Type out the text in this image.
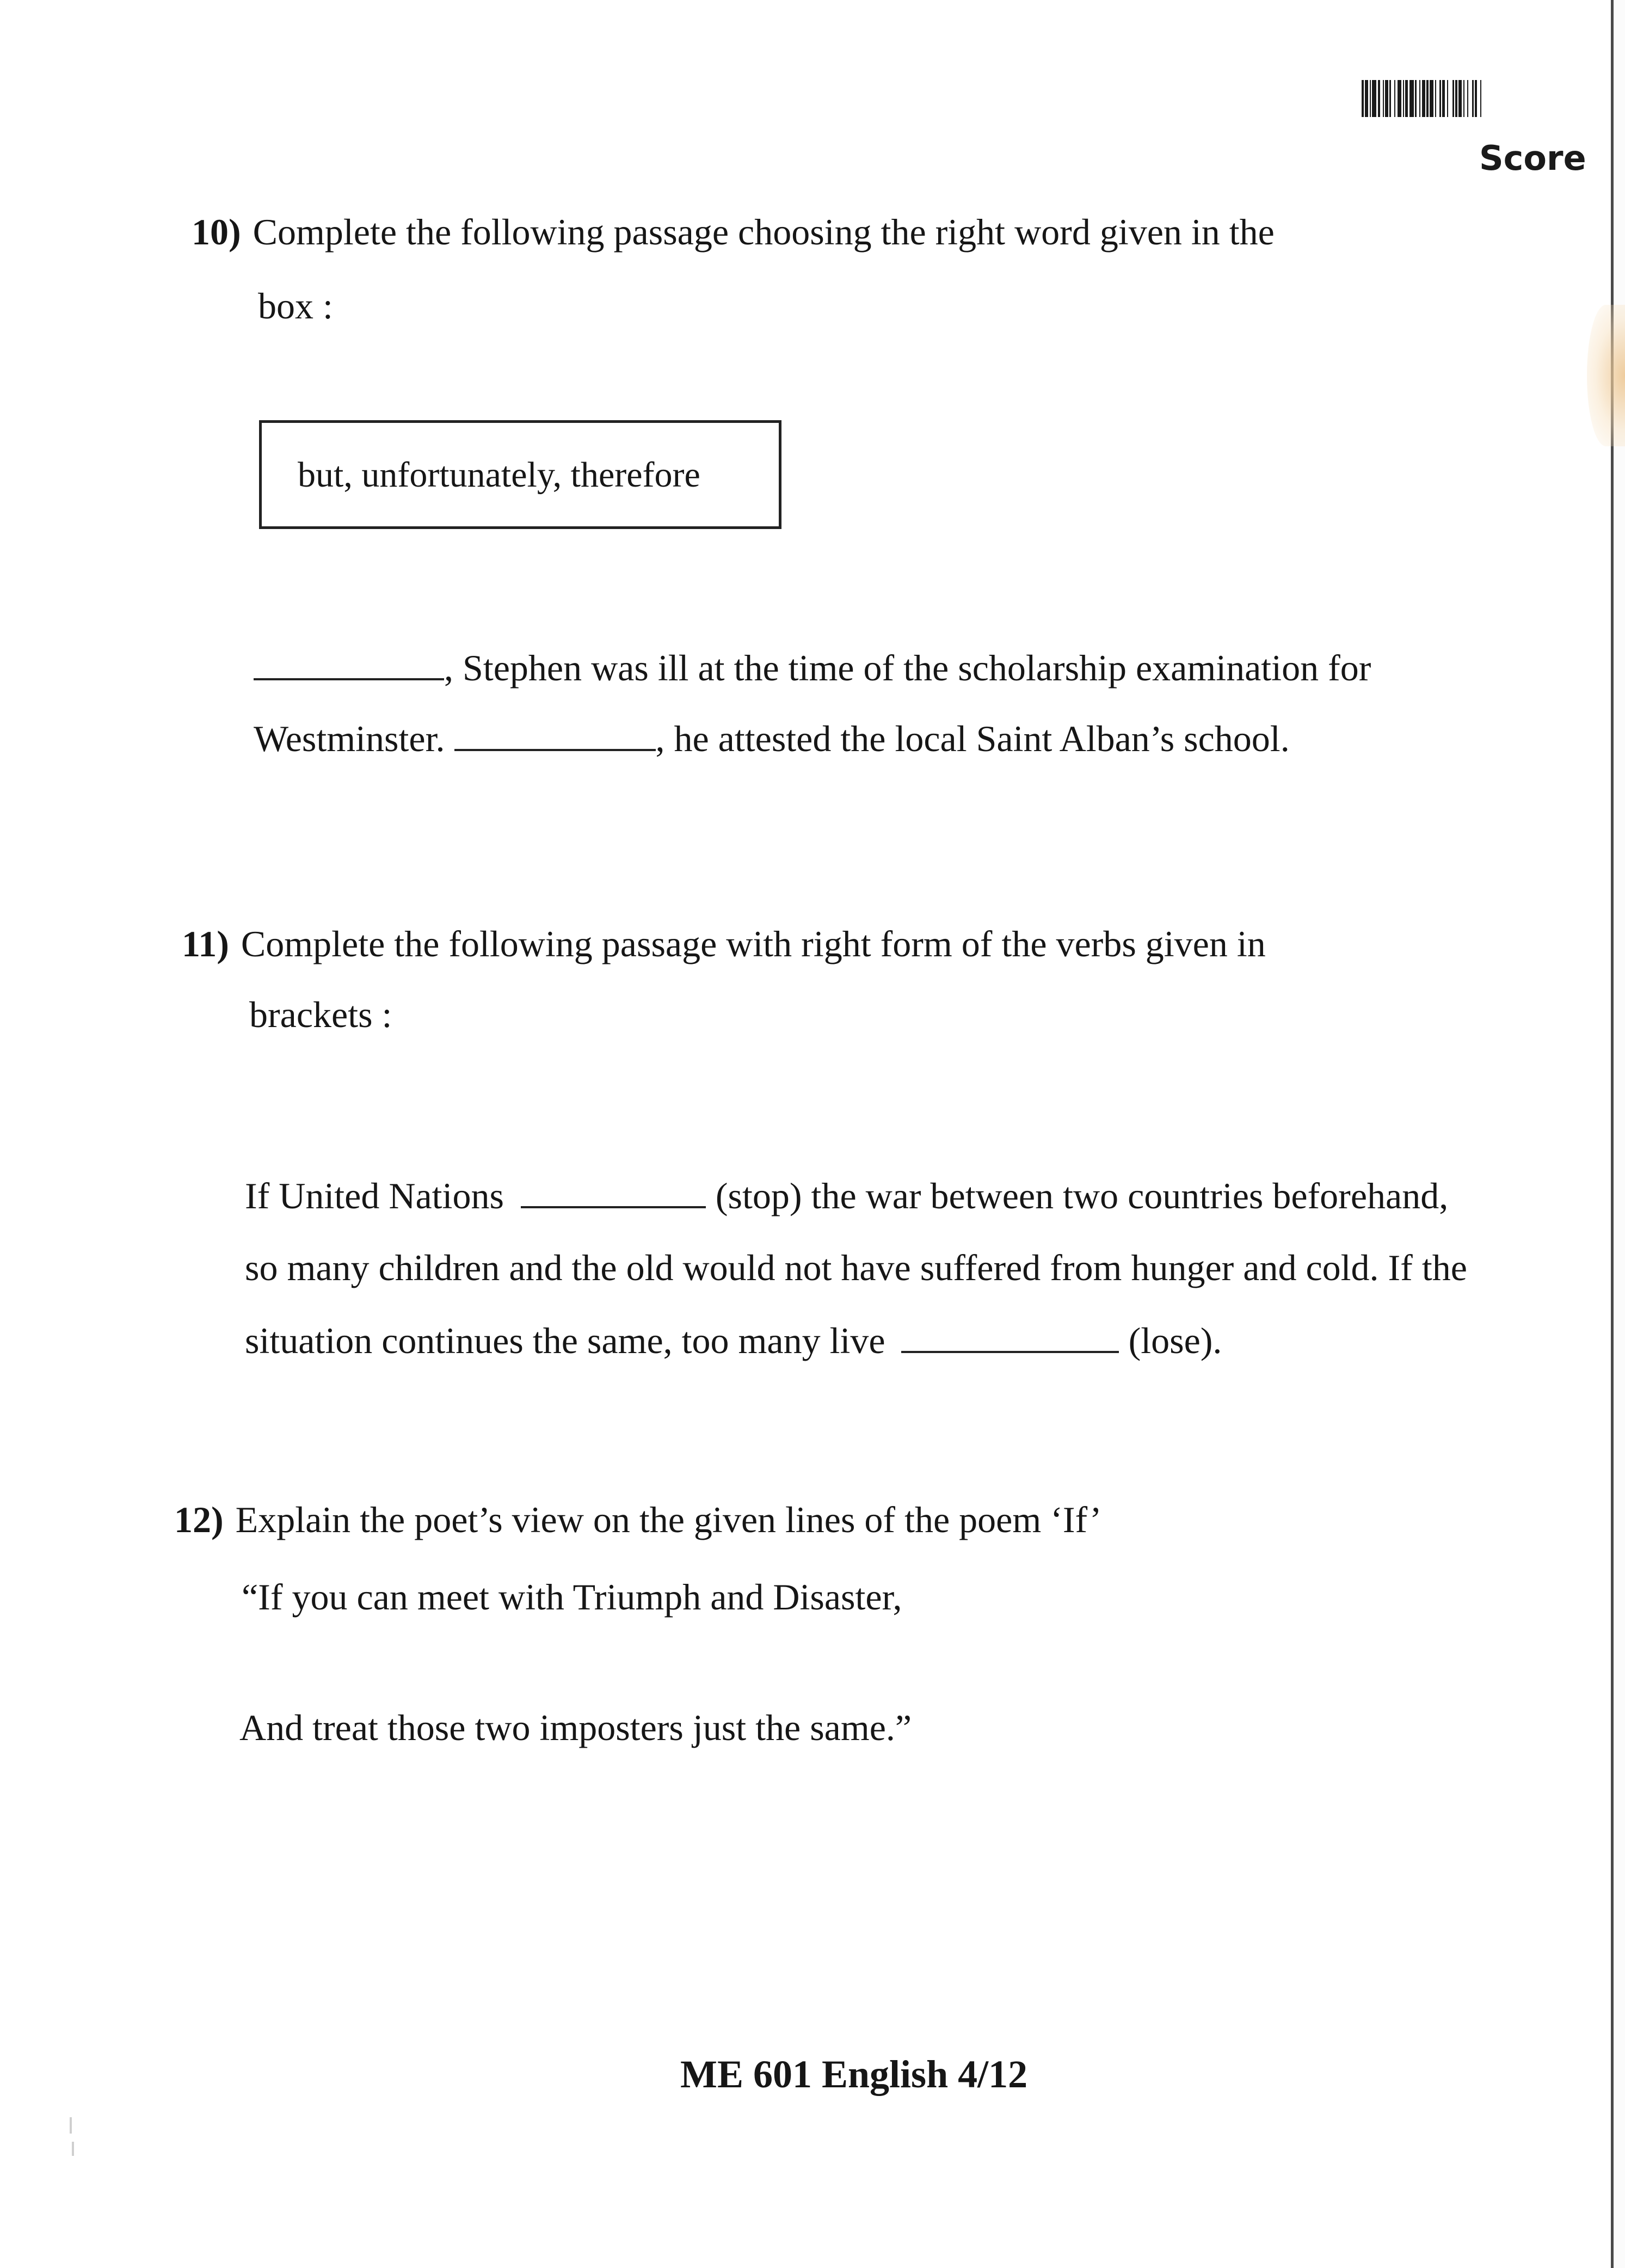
Score
10) Complete the following passage choosing the right word given in the
box :
but, unfortunately, therefore
, Stephen was ill at the time of the scholarship examination for
Westminster.	, he attested the local Saint Alban’s school.
11) Complete the following passage with right form of the verbs given in
brackets :
If United Nations	(stop) the war between two countries beforehand,
so many children and the old would not have suffered from hunger and cold. If the
situation continues the same, too many live	(lose).
12) Explain the poet’s view on the given lines of the poem ‘If’
“If you can meet with Triumph and Disaster,
And treat those two imposters just the same.”
ME 601 English 4/12
